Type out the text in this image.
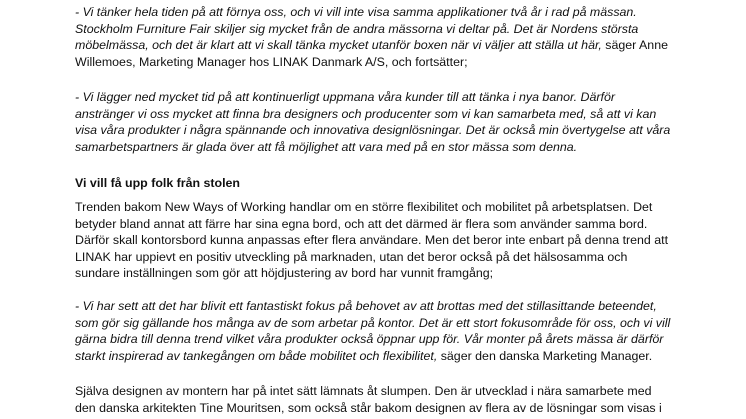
- Vi tänker hela tiden på att förnya oss, och vi vill inte visa samma applikationer två år i rad på mässan.
Stockholm Furniture Fair skiljer sig mycket från de andra mässorna vi deltar på. Det är Nordens största
möbelmässa, och det är klart att vi skall tänka mycket utanför boxen när vi väljer att ställa ut här, säger Anne
Willemoes, Marketing Manager hos LINAK Danmark A/S, och fortsätter;

- Vi lägger ned mycket tid på att kontinuerligt uppmana våra kunder till att tänka i nya banor. Därför
anstränger vi oss mycket att finna bra designers och producenter som vi kan samarbeta med, så att vi kan
visa våra produkter i några spännande och innovativa designlösningar. Det är också min övertygelse att våra
samarbetspartners är glada över att få möjlighet att vara med på en stor mässa som denna.

Vi vill få upp folk från stolen

Trenden bakom New Ways of Working handlar om en större flexibilitet och mobilitet på arbetsplatsen. Det
betyder bland annat att färre har sina egna bord, och att det därmed är flera som använder samma bord.
Därför skall kontorsbord kunna anpassas efter flera användare. Men det beror inte enbart på denna trend att
LINAK har uppievt en positiv utveckling på marknaden, utan det beror också på det hälsosamma och
sundare inställningen som gör att höjdjustering av bord har vunnit framgång;

- Vi har sett att det har blivit ett fantastiskt fokus på behovet av att brottas med det stillasittande beteendet,
som gör sig gällande hos många av de som arbetar på kontor. Det är ett stort fokusområde för oss, och vi vill
gärna bidra till denna trend vilket våra produkter också öppnar upp för. Vår monter på årets mässa är därför
starkt inspirerad av tankegången om både mobilitet och flexibilitet, säger den danska Marketing Manager.

Själva designen av montern har på intet sätt lämnats åt slumpen. Den är utvecklad i nära samarbete med
den danska arkitekten Tine Mouritsen, som också står bakom designen av flera av de lösningar som visas i
